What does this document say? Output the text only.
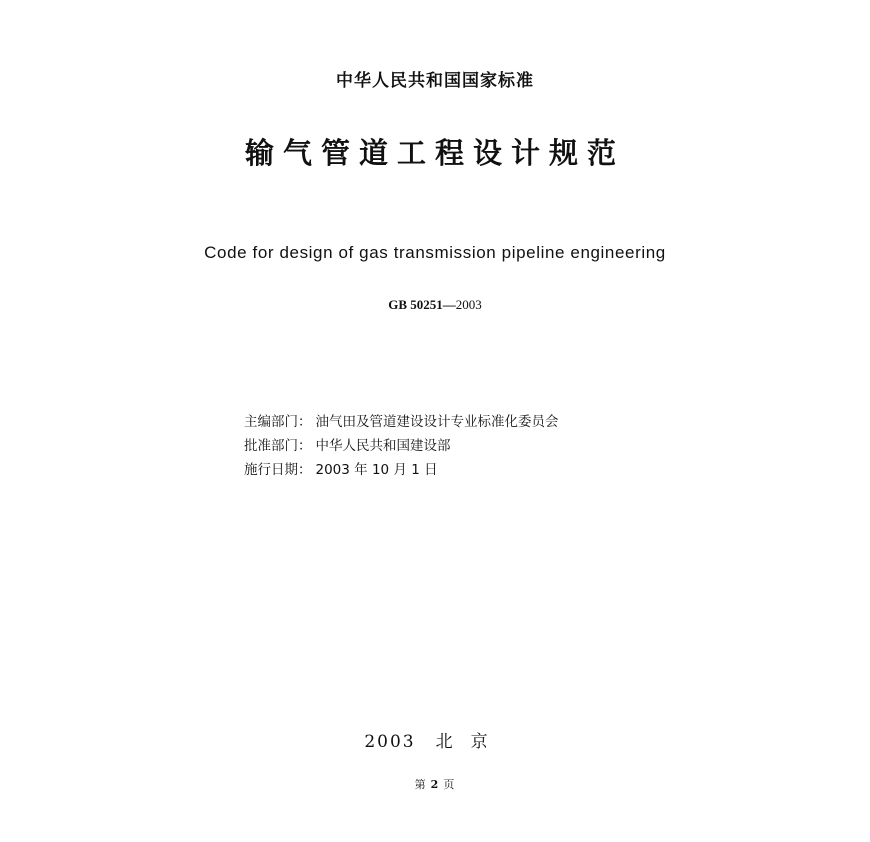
中华人民共和国国家标准
输气管道工程设计规范
Code for design of gas transmission pipeline engineering
GB 50251—2003
主编部门： 油气田及管道建设设计专业标准化委员会
批准部门： 中华人民共和国建设部
施行日期： 2003 年 10 月 1 日
2003 北京
第 2 页
